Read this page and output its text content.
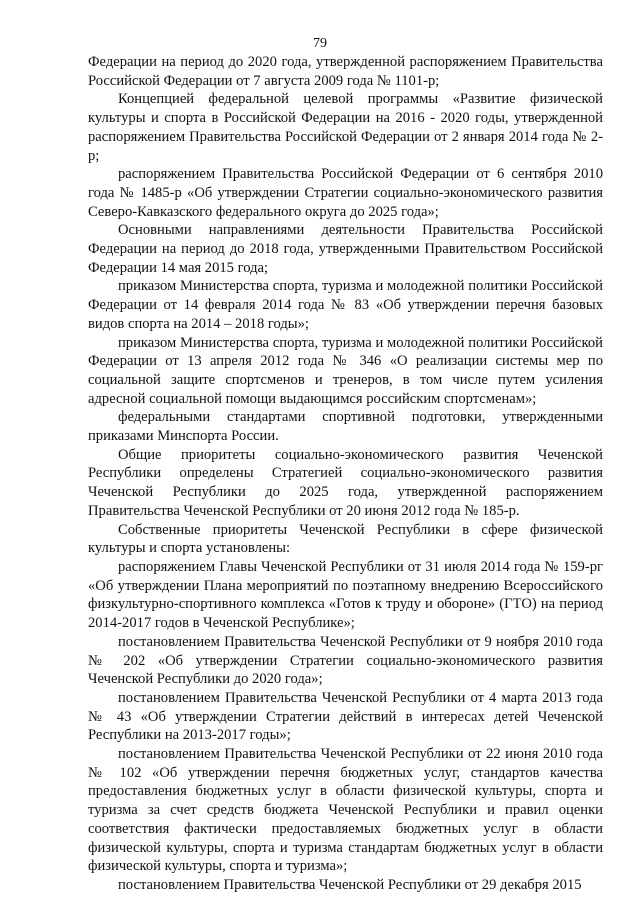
79

Федерации на период до 2020 года, утвержденной распоряжением Правительства Российской Федерации от 7 августа 2009 года № 1101-р;

Концепцией федеральной целевой программы «Развитие физической культуры и спорта в Российской Федерации на 2016 - 2020 годы, утвержденной распоряжением Правительства Российской Федерации от 2 января 2014 года № 2-р;

распоряжением Правительства Российской Федерации от 6 сентября 2010 года № 1485-р «Об утверждении Стратегии социально-экономического развития Северо-Кавказского федерального округа до 2025 года»;

Основными направлениями деятельности Правительства Российской Федерации на период до 2018 года, утвержденными Правительством Российской Федерации 14 мая 2015 года;

приказом Министерства спорта, туризма и молодежной политики Российской Федерации от 14 февраля 2014 года № 83 «Об утверждении перечня базовых видов спорта на 2014 – 2018 годы»;

приказом Министерства спорта, туризма и молодежной политики Российской Федерации от 13 апреля 2012 года № 346 «О реализации системы мер по социальной защите спортсменов и тренеров, в том числе путем усиления адресной социальной помощи выдающимся российским спортсменам»;

федеральными стандартами спортивной подготовки, утвержденными приказами Минспорта России.

Общие приоритеты социально-экономического развития Чеченской Республики определены Стратегией социально-экономического развития Чеченской Республики до 2025 года, утвержденной распоряжением Правительства Чеченской Республики от 20 июня 2012 года № 185-р.

Собственные приоритеты Чеченской Республики в сфере физической культуры и спорта установлены:

распоряжением Главы Чеченской Республики от 31 июля 2014 года № 159-рг «Об утверждении Плана мероприятий по поэтапному внедрению Всероссийского физкультурно-спортивного комплекса «Готов к труду и обороне» (ГТО) на период 2014-2017 годов в Чеченской Республике»;

постановлением Правительства Чеченской Республики от 9 ноября 2010 года № 202 «Об утверждении Стратегии социально-экономического развития Чеченской Республики до 2020 года»;

постановлением Правительства Чеченской Республики от 4 марта 2013 года № 43 «Об утверждении Стратегии действий в интересах детей Чеченской Республики на 2013-2017 годы»;

постановлением Правительства Чеченской Республики от 22 июня 2010 года № 102 «Об утверждении перечня бюджетных услуг, стандартов качества предоставления бюджетных услуг в области физической культуры, спорта и туризма за счет средств бюджета Чеченской Республики и правил оценки соответствия фактически предоставляемых бюджетных услуг в области физической культуры, спорта и туризма стандартам бюджетных услуг в области физической культуры, спорта и туризма»;

постановлением Правительства Чеченской Республики от 29 декабря 2015
